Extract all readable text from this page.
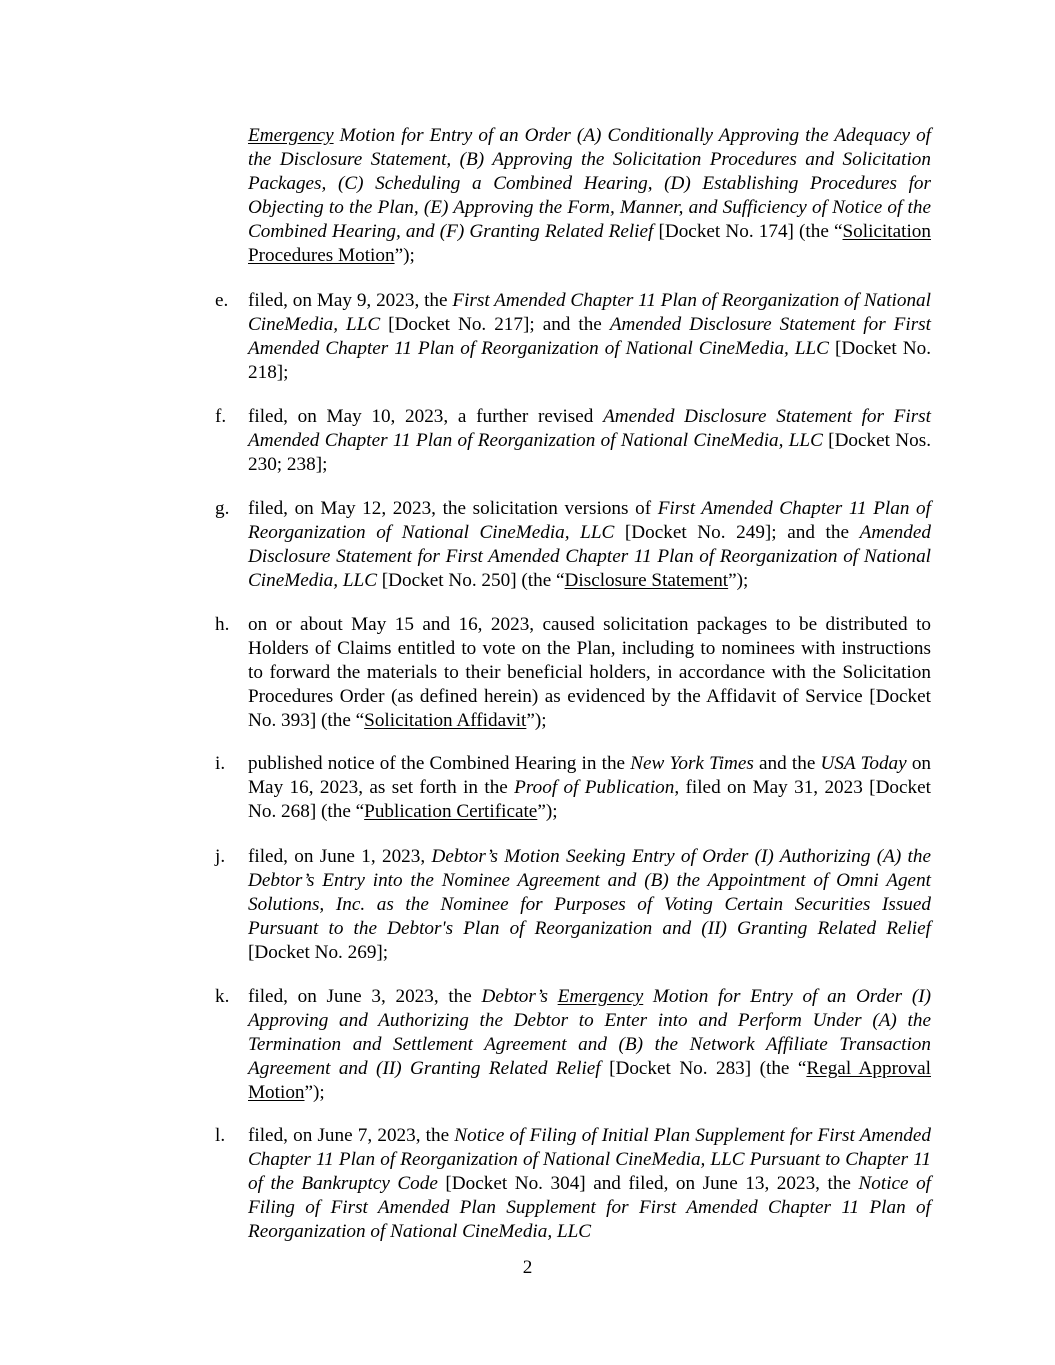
Emergency Motion for Entry of an Order (A) Conditionally Approving the Adequacy of the Disclosure Statement, (B) Approving the Solicitation Procedures and Solicitation Packages, (C) Scheduling a Combined Hearing, (D) Establishing Procedures for Objecting to the Plan, (E) Approving the Form, Manner, and Sufficiency of Notice of the Combined Hearing, and (F) Granting Related Relief [Docket No. 174] (the “Solicitation Procedures Motion”);

e.	filed, on May 9, 2023, the First Amended Chapter 11 Plan of Reorganization of National CineMedia, LLC [Docket No. 217]; and the Amended Disclosure Statement for First Amended Chapter 11 Plan of Reorganization of National CineMedia, LLC [Docket No. 218];

f.	filed, on May 10, 2023, a further revised Amended Disclosure Statement for First Amended Chapter 11 Plan of Reorganization of National CineMedia, LLC [Docket Nos. 230; 238];

g. filed, on May 12, 2023, the solicitation versions of First Amended Chapter 11 Plan of Reorganization of National CineMedia, LLC [Docket No. 249]; and the Amended Disclosure Statement for First Amended Chapter 11 Plan of Reorganization of National CineMedia, LLC [Docket No. 250] (the “Disclosure Statement”);

h. on or about May 15 and 16, 2023, caused solicitation packages to be distributed to Holders of Claims entitled to vote on the Plan, including to nominees with instructions to forward the materials to their beneficial holders, in accordance with the Solicitation Procedures Order (as defined herein) as evidenced by the Affidavit of Service [Docket No. 393] (the “Solicitation Affidavit”);

i.	published notice of the Combined Hearing in the New York Times and the USA Today on May 16, 2023, as set forth in the Proof of Publication, filed on May 31, 2023 [Docket No. 268] (the “Publication Certificate”);

j.	filed, on June 1, 2023, Debtor’s Motion Seeking Entry of Order (I) Authorizing (A) the Debtor’s Entry into the Nominee Agreement and (B) the Appointment of Omni Agent Solutions, Inc. as the Nominee for Purposes of Voting Certain Securities Issued Pursuant to the Debtor's Plan of Reorganization and (II) Granting Related Relief [Docket No. 269];

k. filed, on June 3, 2023, the Debtor’s Emergency Motion for Entry of an Order (I) Approving and Authorizing the Debtor to Enter into and Perform Under (A) the Termination and Settlement Agreement and (B) the Network Affiliate Transaction Agreement and (II) Granting Related Relief [Docket No. 283] (the “Regal Approval Motion”);

l.	filed, on June 7, 2023, the Notice of Filing of Initial Plan Supplement for First Amended Chapter 11 Plan of Reorganization of National CineMedia, LLC Pursuant to Chapter 11 of the Bankruptcy Code [Docket No. 304] and filed, on June 13, 2023, the Notice of Filing of First Amended Plan Supplement for First Amended Chapter 11 Plan of Reorganization of National CineMedia, LLC

2
